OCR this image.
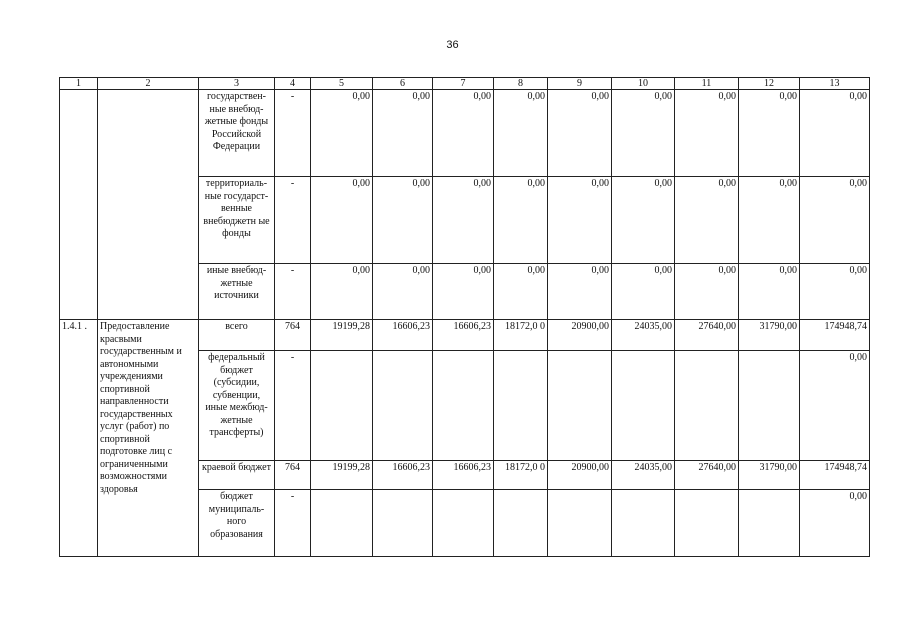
36
1	2	3	4	5	6	7	8	9	10	11	12	13
		государствен-ные внебюд-жетные фонды Российской Федерации	-	0,00	0,00	0,00	0,00	0,00	0,00	0,00	0,00	0,00
		территориаль-ные государст-венные внебюджетн ые фонды	-	0,00	0,00	0,00	0,00	0,00	0,00	0,00	0,00	0,00
		иные внебюд-жетные источники	-	0,00	0,00	0,00	0,00	0,00	0,00	0,00	0,00	0,00
1.4.1 .	Предоставление красвыми государственным и автономными учреждениями спортивной направленности государственных услуг (работ) по спортивной подготовке лиц с ограниченными возможностями здоровья	всего	764	19199,28	16606,23	16606,23	18172,0 0	20900,00	24035,00	27640,00	31790,00	174948,74
		федеральный бюджет (субсидии, субвенции, иные межбюд-жетные трансферты)	-									0,00
		краевой бюджет	764	19199,28	16606,23	16606,23	18172,0 0	20900,00	24035,00	27640,00	31790,00	174948,74
		бюджет муниципаль-ного образования	-									0,00
